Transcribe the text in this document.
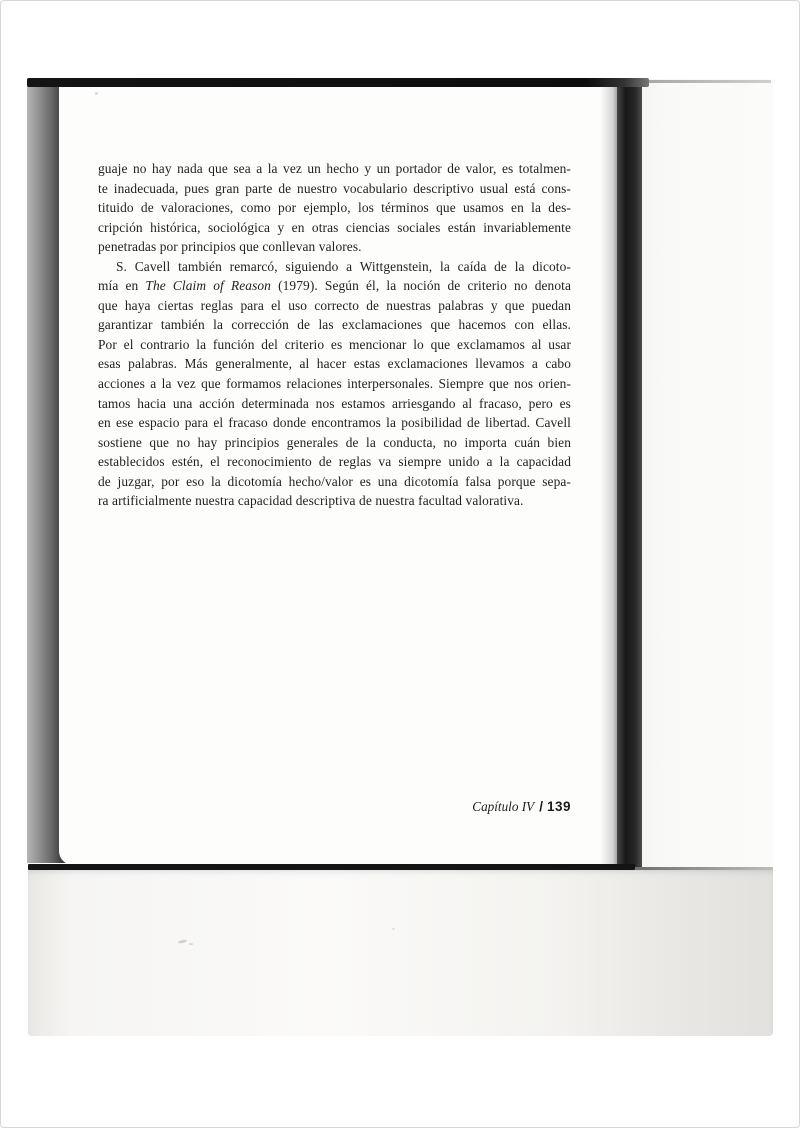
guaje no hay nada que sea a la vez un hecho y un portador de valor, es totalmen-
te inadecuada, pues gran parte de nuestro vocabulario descriptivo usual está cons-
tituido de valoraciones, como por ejemplo, los términos que usamos en la des-
cripción histórica, sociológica y en otras ciencias sociales están invariablemente
penetradas por principios que conllevan valores.
S. Cavell también remarcó, siguiendo a Wittgenstein, la caída de la dicoto-
mía en The Claim of Reason (1979). Según él, la noción de criterio no denota
que haya ciertas reglas para el uso correcto de nuestras palabras y que puedan
garantizar también la corrección de las exclamaciones que hacemos con ellas.
Por el contrario la función del criterio es mencionar lo que exclamamos al usar
esas palabras. Más generalmente, al hacer estas exclamaciones llevamos a cabo
acciones a la vez que formamos relaciones interpersonales. Siempre que nos orien-
tamos hacia una acción determinada nos estamos arriesgando al fracaso, pero es
en ese espacio para el fracaso donde encontramos la posibilidad de libertad. Cavell
sostiene que no hay principios generales de la conducta, no importa cuán bien
establecidos estén, el reconocimiento de reglas va siempre unido a la capacidad
de juzgar, por eso la dicotomía hecho/valor es una dicotomía falsa porque sepa-
ra artificialmente nuestra capacidad descriptiva de nuestra facultad valorativa.
Capítulo IV / 139
